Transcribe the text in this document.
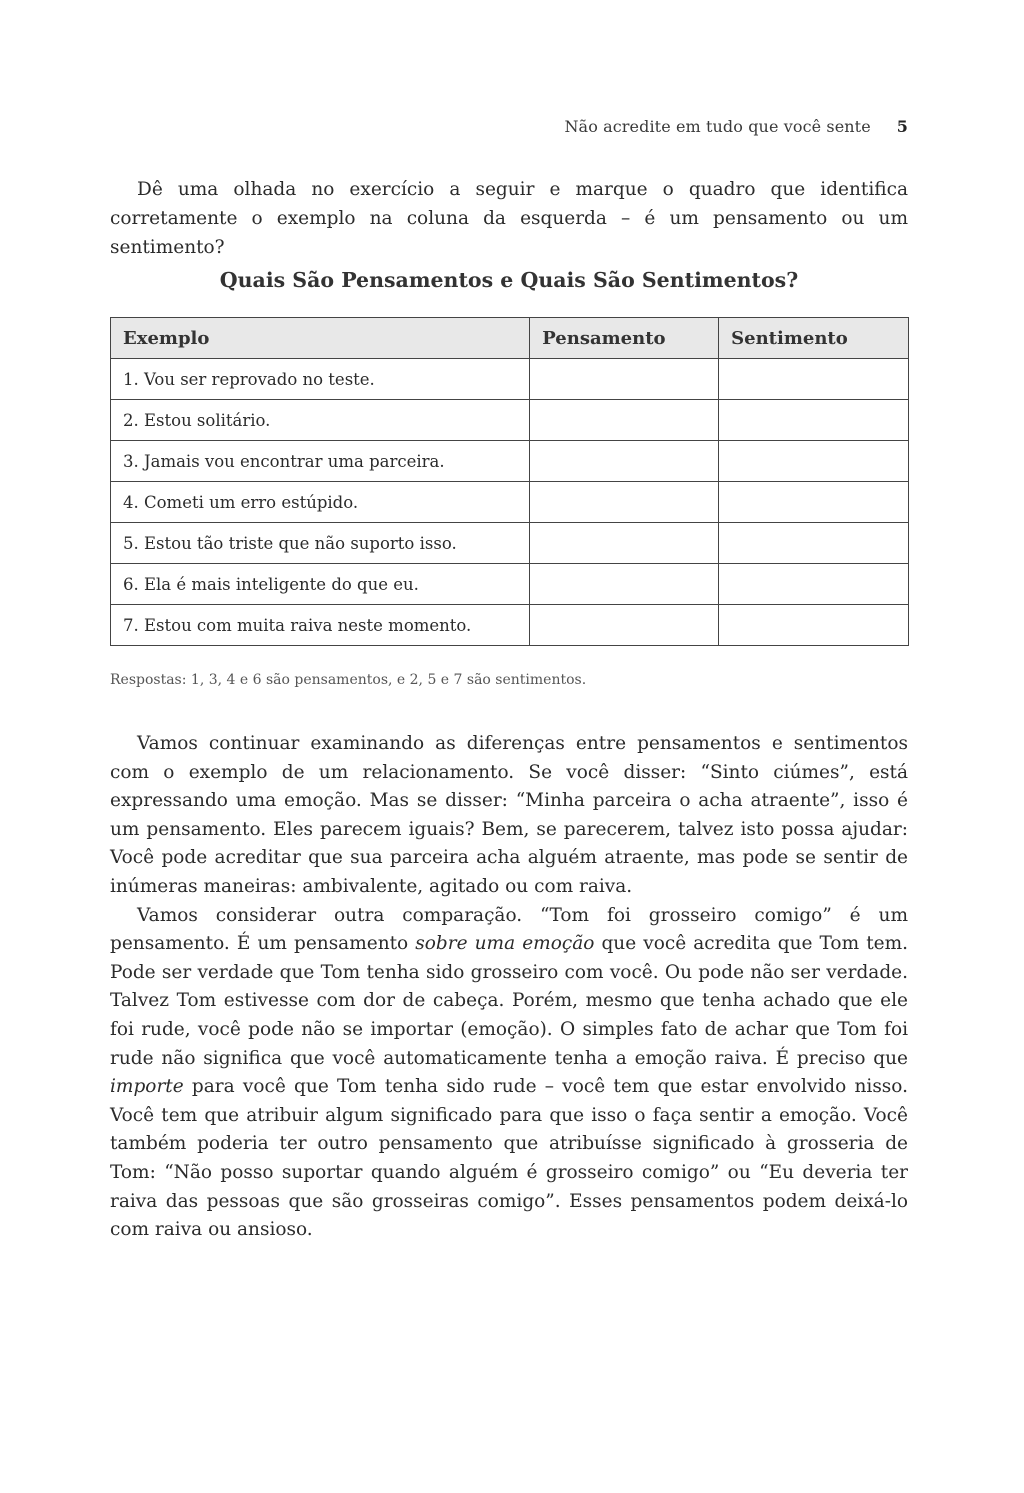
Não acredite em tudo que você sente 5

Dê uma olhada no exercício a seguir e marque o quadro que identifica corretamente o exemplo na coluna da esquerda – é um pensamento ou um sentimento?

Quais São Pensamentos e Quais São Sentimentos?
Exemplo	Pensamento	Sentimento
1. Vou ser reprovado no teste.		
2. Estou solitário.		
3. Jamais vou encontrar uma parceira.		
4. Cometi um erro estúpido.		
5. Estou tão triste que não suporto isso.		
6. Ela é mais inteligente do que eu.		
7. Estou com muita raiva neste momento.		

Respostas: 1, 3, 4 e 6 são pensamentos, e 2, 5 e 7 são sentimentos.

Vamos continuar examinando as diferenças entre pensamentos e sentimentos com o exemplo de um relacionamento. Se você disser: “Sinto ciúmes”, está expressando uma emoção. Mas se disser: “Minha parceira o acha atraente”, isso é um pensamento. Eles parecem iguais? Bem, se parecerem, talvez isto possa ajudar: Você pode acreditar que sua parceira acha alguém atraente, mas pode se sentir de inúmeras maneiras: ambivalente, agitado ou com raiva.

Vamos considerar outra comparação. “Tom foi grosseiro comigo” é um pensamento. É um pensamento sobre uma emoção que você acredita que Tom tem. Pode ser verdade que Tom tenha sido grosseiro com você. Ou pode não ser verdade. Talvez Tom estivesse com dor de cabeça. Porém, mesmo que tenha achado que ele foi rude, você pode não se importar (emoção). O simples fato de achar que Tom foi rude não significa que você automaticamente tenha a emoção raiva. É preciso que importe para você que Tom tenha sido rude – você tem que estar envolvido nisso. Você tem que atribuir algum significado para que isso o faça sentir a emoção. Você também poderia ter outro pensamento que atribuísse significado à grosseria de Tom: “Não posso suportar quando alguém é grosseiro comigo” ou “Eu deveria ter raiva das pessoas que são grosseiras comigo”. Esses pensamentos podem deixá-lo com raiva ou ansioso.
